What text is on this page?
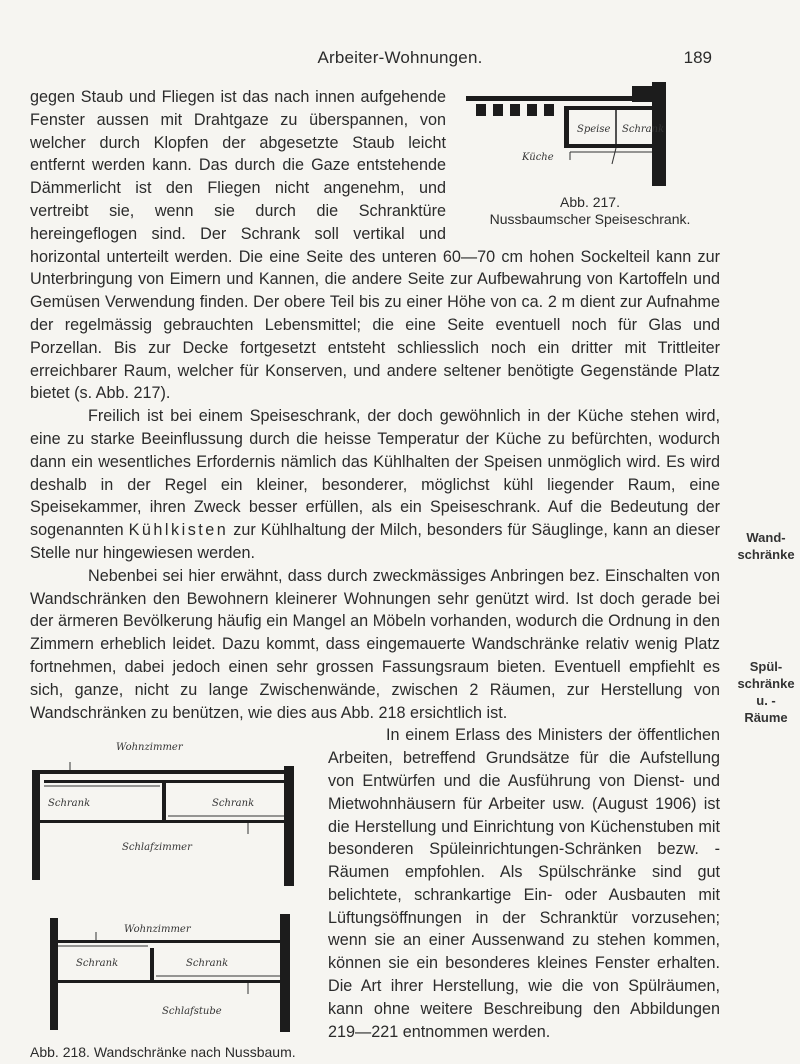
Arbeiter-Wohnungen.	189
Speise Schrank
Küche
Abb. 217.
Nussbaumscher Speiseschrank.

gegen Staub und Fliegen ist das nach innen aufgehende Fenster aussen mit Drahtgaze zu überspannen, von welcher durch Klopfen der abgesetzte Staub leicht entfernt werden kann. Das durch die Gaze entstehende Dämmerlicht ist den Fliegen nicht angenehm, und vertreibt sie, wenn sie durch die Schranktüre hereingeflogen sind. Der Schrank soll vertikal und horizontal unterteilt werden. Die eine Seite des unteren 60—70 cm hohen Sockelteil kann zur Unterbringung von Eimern und Kannen, die andere Seite zur Aufbewahrung von Kartoffeln und Gemüsen Verwendung finden. Der obere Teil bis zu einer Höhe von ca. 2 m dient zur Aufnahme der regelmässig gebrauchten Lebensmittel; die eine Seite eventuell noch für Glas und Porzellan. Bis zur Decke fortgesetzt entsteht schliesslich noch ein dritter mit Trittleiter erreichbarer Raum, welcher für Konserven, und andere seltener benötigte Gegenstände Platz bietet (s. Abb. 217).

Freilich ist bei einem Speiseschrank, der doch gewöhnlich in der Küche stehen wird, eine zu starke Beeinflussung durch die heisse Temperatur der Küche zu befürchten, wodurch dann ein wesentliches Erfordernis nämlich das Kühlhalten der Speisen unmöglich wird. Es wird deshalb in der Regel ein kleiner, besonderer, möglichst kühl liegender Raum, eine Speisekammer, ihren Zweck besser erfüllen, als ein Speiseschrank. Auf die Bedeutung der sogenannten Kühlkisten zur Kühlhaltung der Milch, besonders für Säuglinge, kann an dieser Stelle nur hingewiesen werden.

Nebenbei sei hier erwähnt, dass durch zweckmässiges Anbringen bez. Einschalten von Wandschränken den Bewohnern kleinerer Wohnungen sehr genützt wird. Ist doch gerade bei der ärmeren Bevölkerung häufig ein Mangel an Möbeln vorhanden, wodurch die Ordnung in den Zimmern erheblich leidet. Dazu kommt, dass eingemauerte Wandschränke relativ wenig Platz fortnehmen, dabei jedoch einen sehr grossen Fassungsraum bieten. Eventuell empfiehlt es sich, ganze, nicht zu lange Zwischenwände, zwischen 2 Räumen, zur Herstellung von Wandschränken zu benützen, wie dies aus Abb. 218 ersichtlich ist.

Wohnzimmer
Schrank	Schrank
Schlafzimmer
Wohnzimmer
Schrank	Schrank
Schlafstube
Abb. 218. Wandschränke nach Nussbaum.

In einem Erlass des Ministers der öffentlichen Arbeiten, betreffend Grundsätze für die Aufstellung von Entwürfen und die Ausführung von Dienst- und Mietwohnhäusern für Arbeiter usw. (August 1906) ist die Herstellung und Einrichtung von Küchenstuben mit besonderen Spüleinrichtungen-Schränken bezw. -Räumen empfohlen. Als Spülschränke sind gut belichtete, schrankartige Ein- oder Ausbauten mit Lüftungsöffnungen in der Schranktür vorzusehen; wenn sie an einer Aussenwand zu stehen kommen, können sie ein besonderes kleines Fenster erhalten. Die Art ihrer Herstellung, wie die von Spülräumen, kann ohne weitere Beschreibung den Abbildungen 219—221 entnommen werden.

Wand-schränke
Spül-schränke u. -Räume
